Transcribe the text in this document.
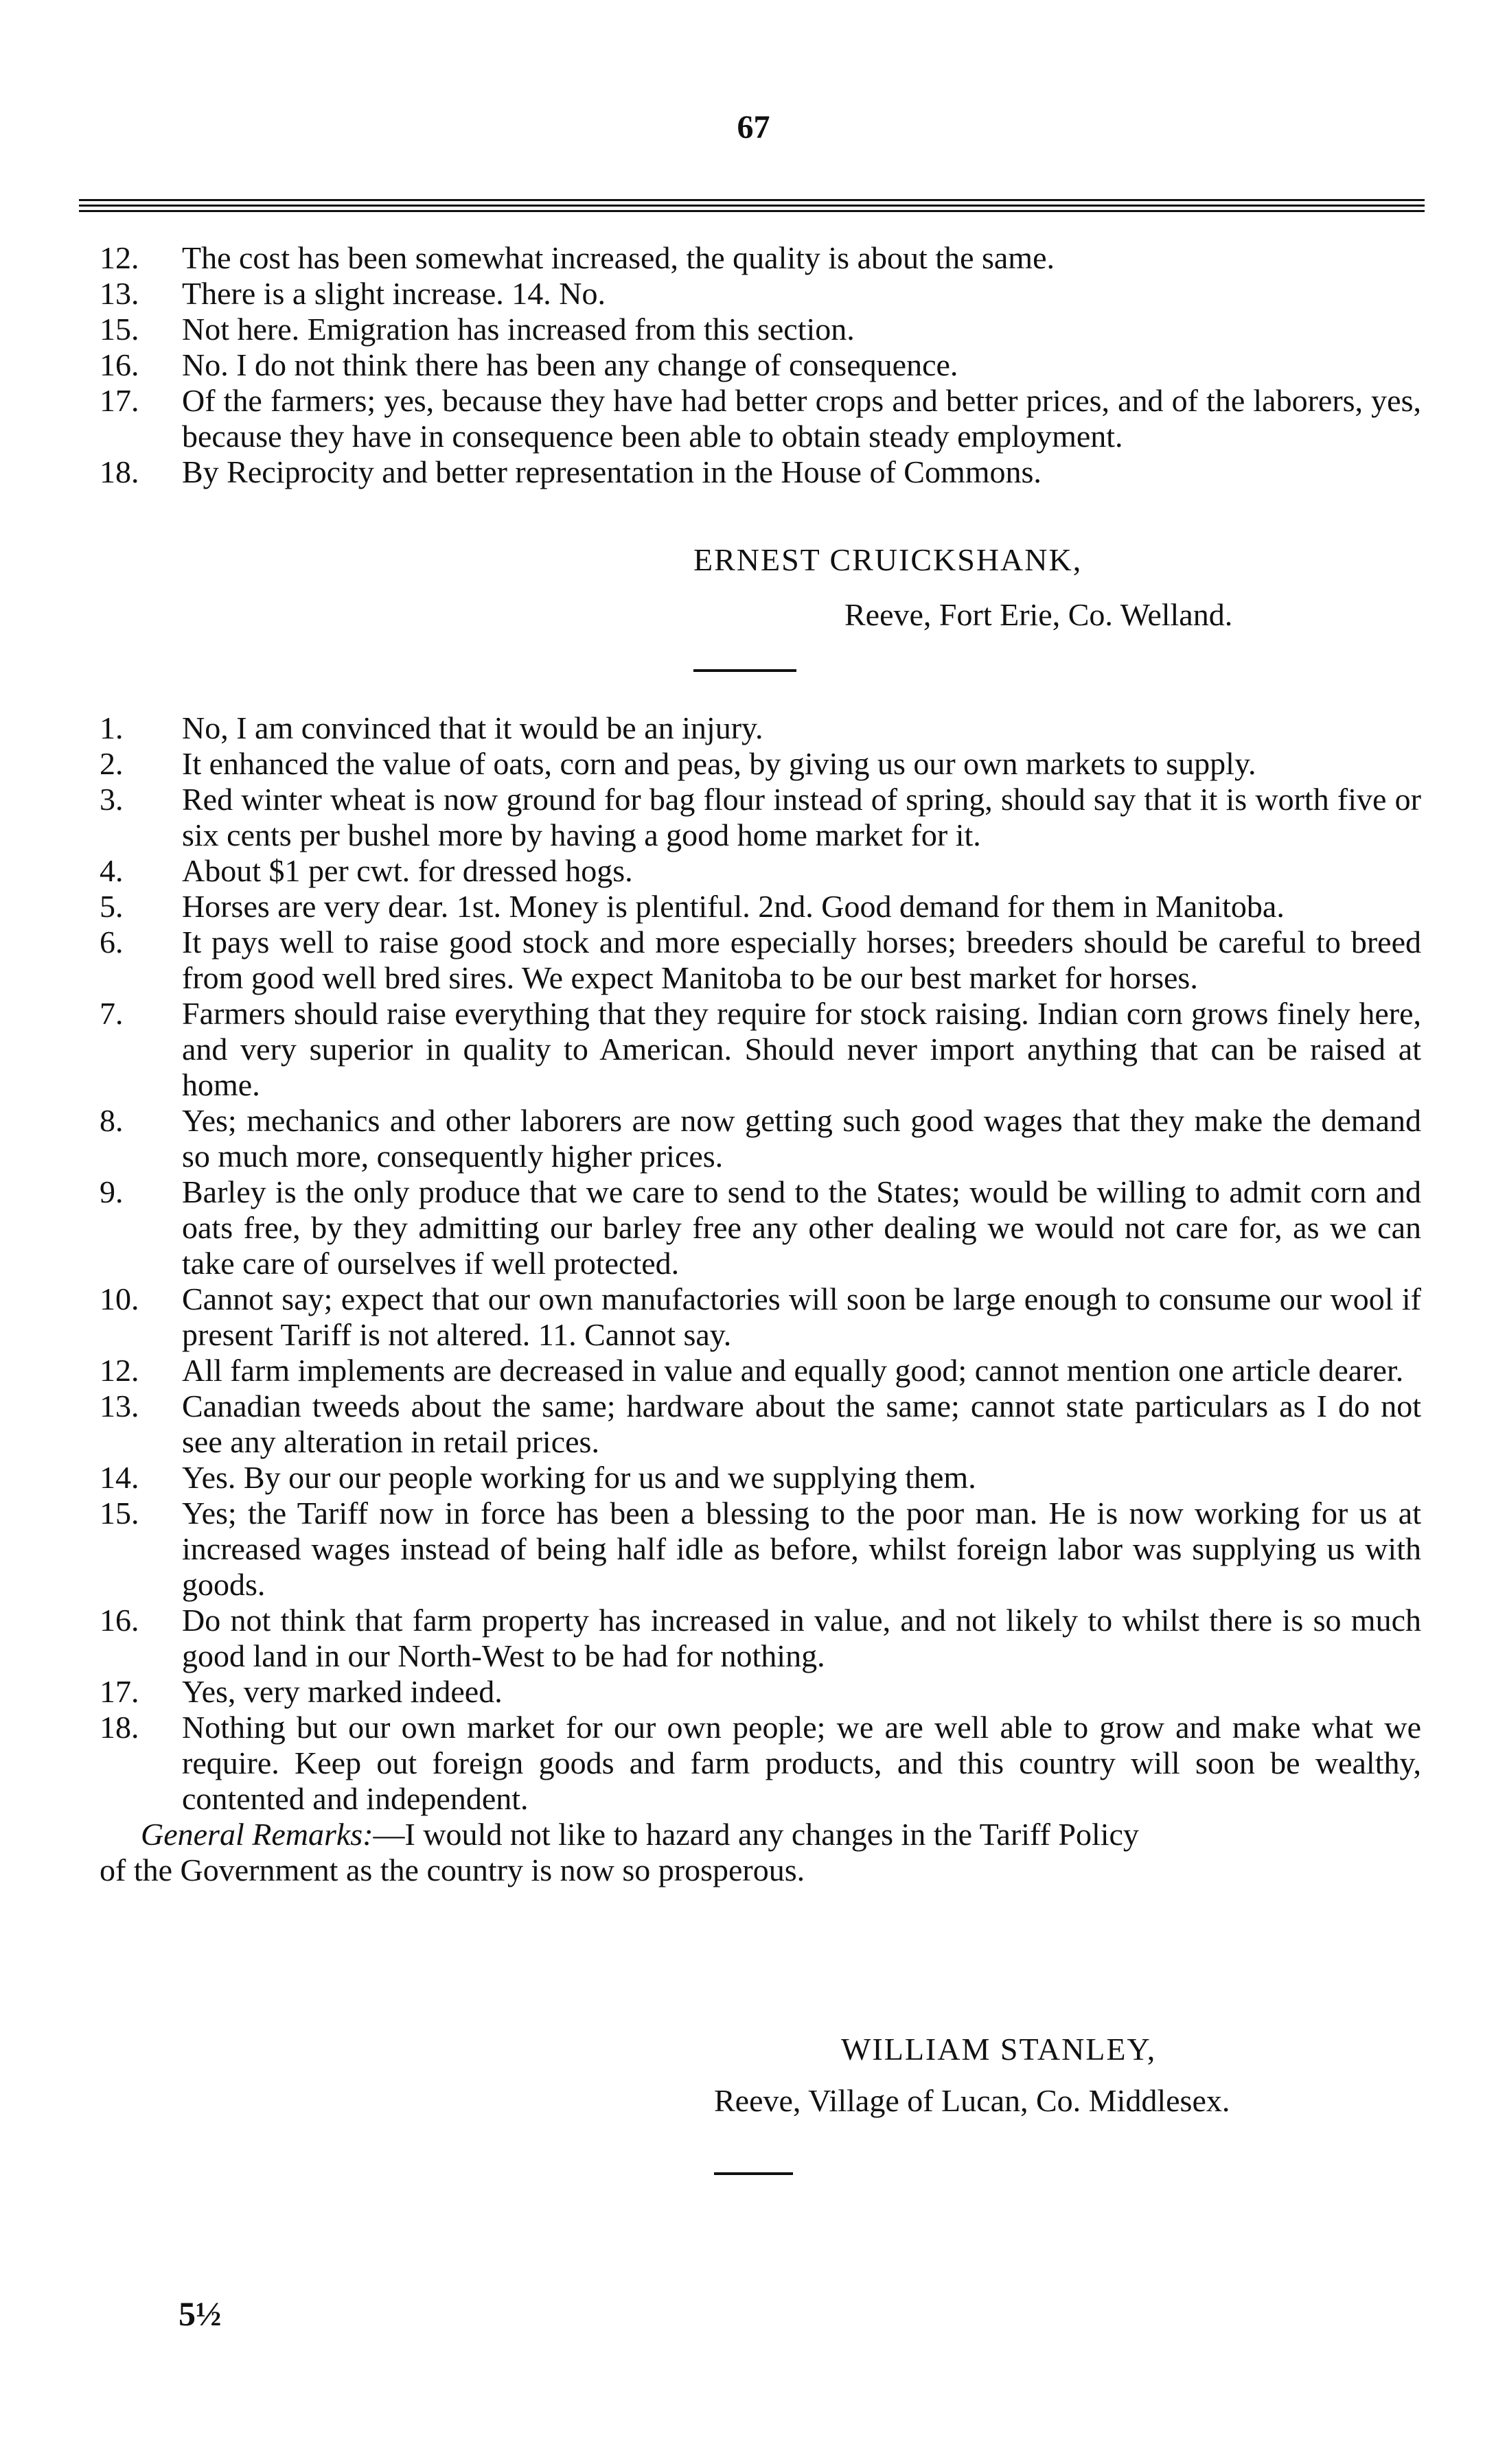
67
12. The cost has been somewhat increased, the quality is about the same.
13. There is a slight increase. 14. No.
15. Not here. Emigration has increased from this section.
16. No. I do not think there has been any change of consequence.
17. Of the farmers; yes, because they have had better crops and better prices, and of the laborers, yes, because they have in consequence been able to obtain steady employment.
18. By Reciprocity and better representation in the House of Commons.
ERNEST CRUICKSHANK,
Reeve, Fort Erie, Co. Welland.
1. No, I am convinced that it would be an injury.
2. It enhanced the value of oats, corn and peas, by giving us our own markets to supply.
3. Red winter wheat is now ground for bag flour instead of spring, should say that it is worth five or six cents per bushel more by having a good home market for it.
4. About $1 per cwt. for dressed hogs.
5. Horses are very dear. 1st. Money is plentiful. 2nd. Good demand for them in Manitoba.
6. It pays well to raise good stock and more especially horses; breeders should be careful to breed from good well bred sires. We expect Manitoba to be our best market for horses.
7. Farmers should raise everything that they require for stock raising. Indian corn grows finely here, and very superior in quality to American. Should never import anything that can be raised at home.
8. Yes; mechanics and other laborers are now getting such good wages that they make the demand so much more, consequently higher prices.
9. Barley is the only produce that we care to send to the States; would be willing to admit corn and oats free, by they admitting our barley free any other dealing we would not care for, as we can take care of ourselves if well protected.
10. Cannot say; expect that our own manufactories will soon be large enough to consume our wool if present Tariff is not altered. 11. Cannot say.
12. All farm implements are decreased in value and equally good; cannot mention one article dearer.
13. Canadian tweeds about the same; hardware about the same; cannot state particulars as I do not see any alteration in retail prices.
14. Yes. By our our people working for us and we supplying them.
15. Yes; the Tariff now in force has been a blessing to the poor man. He is now working for us at increased wages instead of being half idle as before, whilst foreign labor was supplying us with goods.
16. Do not think that farm property has increased in value, and not likely to whilst there is so much good land in our North-West to be had for nothing.
17. Yes, very marked indeed.
18. Nothing but our own market for our own people; we are well able to grow and make what we require. Keep out foreign goods and farm products, and this country will soon be wealthy, contented and independent.
General Remarks:—I would not like to hazard any changes in the Tariff Policy
of the Government as the country is now so prosperous.
WILLIAM STANLEY,
Reeve, Village of Lucan, Co. Middlesex.
5½
